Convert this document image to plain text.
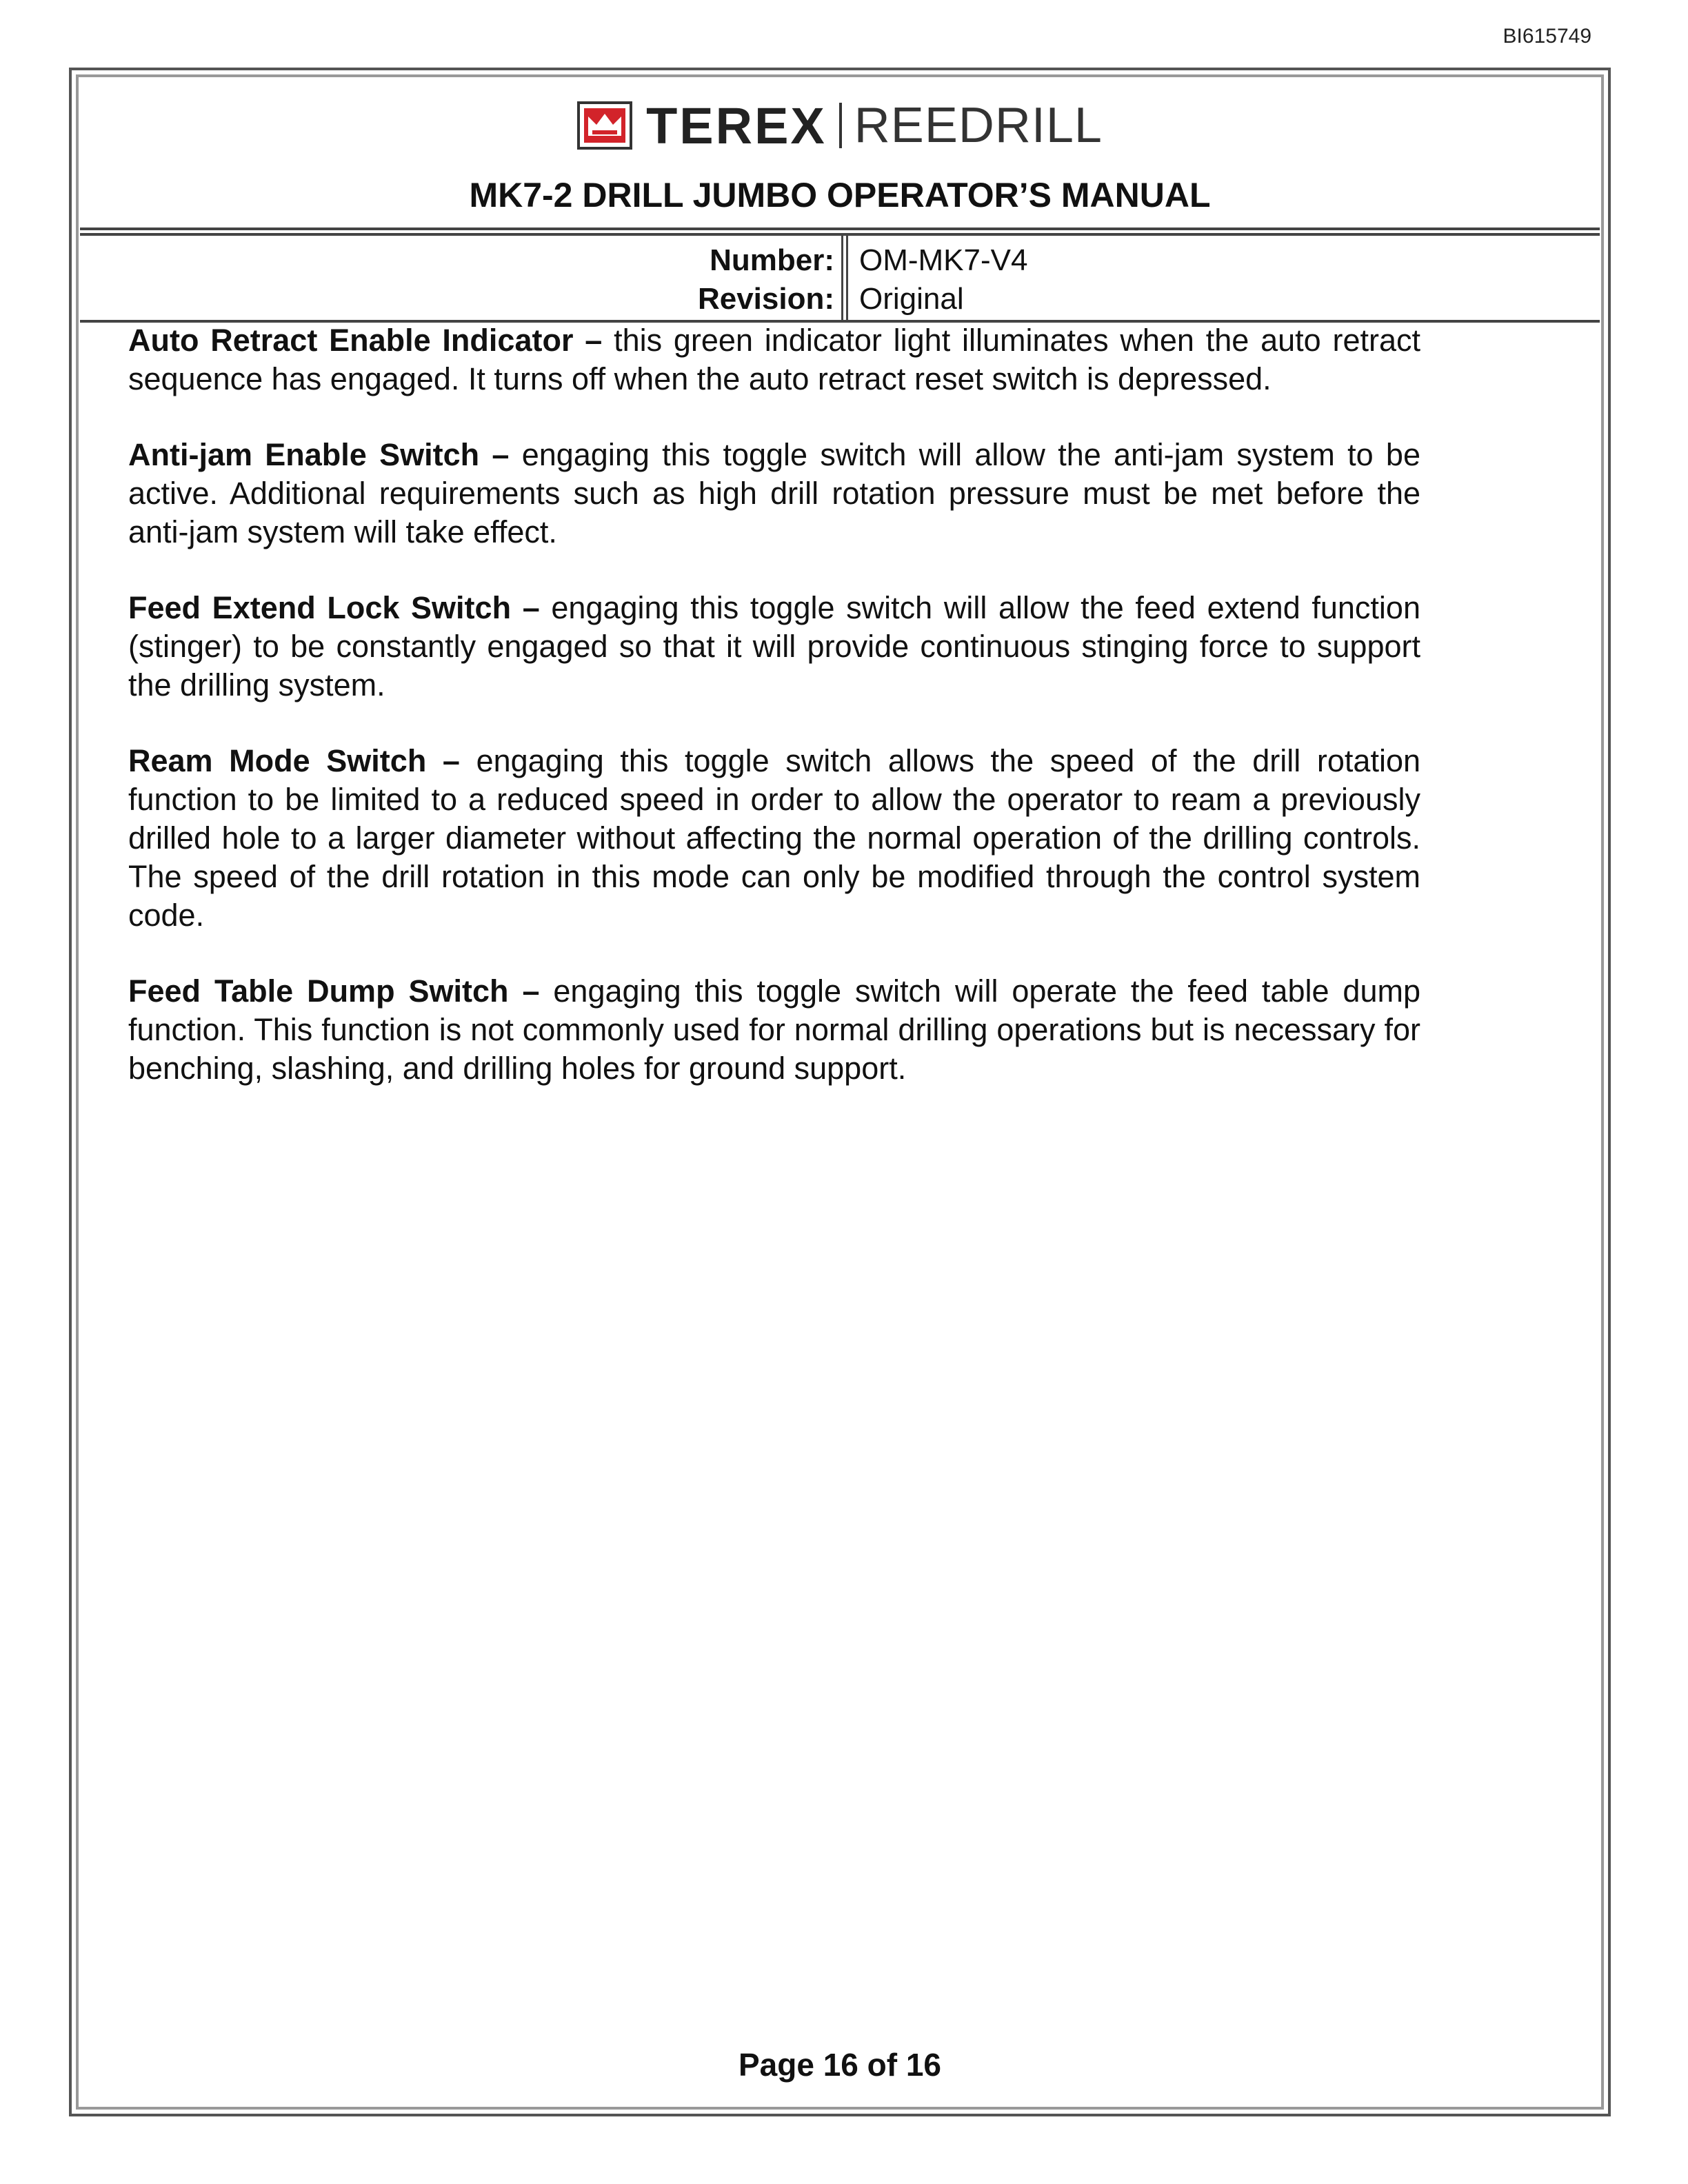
BI615749
TEREX REEDRILL
MK7-2 DRILL JUMBO OPERATOR’S MANUAL
Number:
Revision:
OM-MK7-V4
Original
Page 16 of 16

Auto Retract Enable Indicator – this green indicator light illuminates when the auto retract sequence has engaged. It turns off when the auto retract reset switch is depressed.

Anti-jam Enable Switch – engaging this toggle switch will allow the anti-jam system to be active. Additional requirements such as high drill rotation pressure must be met before the anti-jam system will take effect.

Feed Extend Lock Switch – engaging this toggle switch will allow the feed extend function (stinger) to be constantly engaged so that it will provide continuous stinging force to support the drilling system.

Ream Mode Switch – engaging this toggle switch allows the speed of the drill rotation function to be limited to a reduced speed in order to allow the operator to ream a previously drilled hole to a larger diameter without affecting the normal operation of the drilling controls. The speed of the drill rotation in this mode can only be modified through the control system code.

Feed Table Dump Switch – engaging this toggle switch will operate the feed table dump function. This function is not commonly used for normal drilling operations but is necessary for benching, slashing, and drilling holes for ground support.
